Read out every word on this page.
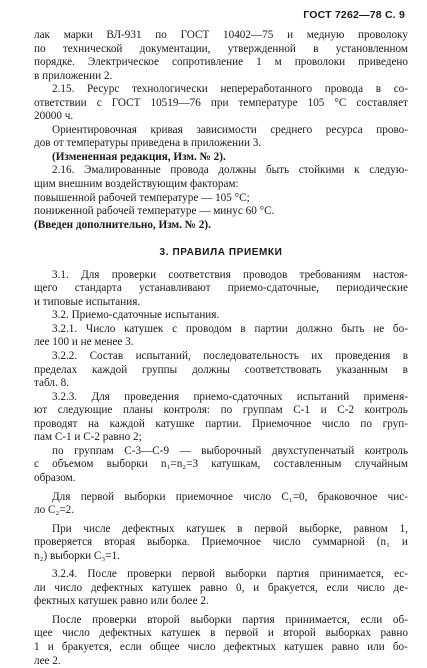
ГОСТ 7262—78 С. 9
лак марки ВЛ-931 по ГОСТ 10402—75 и медную проволоку
по технической документации, утвержденной в установленном
порядке. Электрическое сопротивление 1 м проволоки приведено
в приложении 2.
2.15. Ресурс технологически непереработанного провода в со-
ответствии с ГОСТ 10519—76 при температуре 105 °С составляет
20000 ч.
Ориентировочная кривая зависимости среднего ресурса прово-
дов от температуры приведена в приложении 3.
(Измененная редакция, Изм. № 2).
2.16. Эмалированные провода должны быть стойкими к следую-
щим внешним воздействующим факторам:
повышенной рабочей температуре — 105 °С;
пониженной рабочей температуре — минус 60 °С.
(Введен дополнительно, Изм. № 2).
3. ПРАВИЛА ПРИЕМКИ
3.1. Для проверки соответствия проводов требованиям настоя-
щего стандарта устанавливают приемо-сдаточные, периодические
и типовые испытания.
3.2. Приемо-сдаточные испытания.
3.2.1. Число катушек с проводом в партии должно быть не бо-
лее 100 и не менее 3.
3.2.2. Состав испытаний, последовательность их проведения в
пределах каждой группы должны соответствовать указанным в
табл. 8.
3.2.3. Для проведения приемо-сдаточных испытаний применя-
ют следующие планы контроля: по группам С-1 и С-2 контроль
проводят на каждой катушке партии. Приемочное число по груп-
пам С-1 и С-2 равно 2;
по группам С-3—С-9 — выборочный двухступенчатый контроль
с объемом выборки n₁=n₂=3 катушкам, составленным случайным
образом.
Для первой выборки приемочное число С₁=0, браковочное чис-
ло С₂=2.
При числе дефектных катушек в первой выборке, равном 1,
проверяется вторая выборка. Приемочное число суммарной (n₁ и
n₂) выборки С₃=1.
3.2.4. После проверки первой выборки партия принимается, ес-
ли число дефектных катушек равно 0, и бракуется, если число де-
фектных катушек равно или более 2.
После проверки второй выборки партия принимается, если об-
щее число дефектных катушек в первой и второй выборках равно
1 и бракуется, если общее число дефектных катушек равно или бо-
лее 2.
